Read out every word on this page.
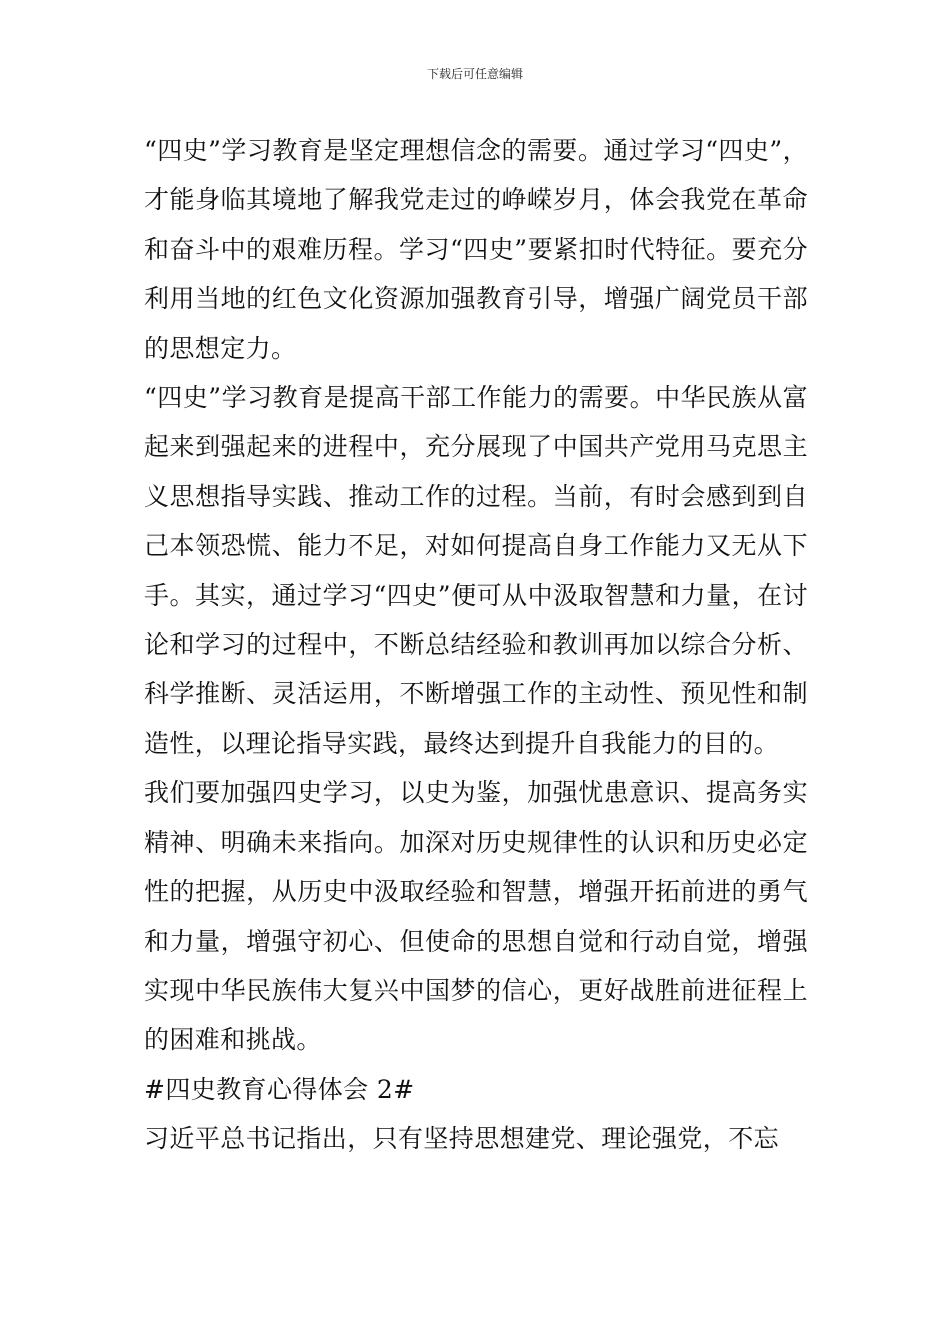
下载后可任意编辑

“四史”学习教育是坚定理想信念的需要。通过学习“四史”，才能身临其境地了解我党走过的峥嵘岁月，体会我党在革命和奋斗中的艰难历程。学习“四史”要紧扣时代特征。要充分利用当地的红色文化资源加强教育引导，增强广阔党员干部的思想定力。

“四史”学习教育是提高干部工作能力的需要。中华民族从富起来到强起来的进程中，充分展现了中国共产党用马克思主义思想指导实践、推动工作的过程。当前，有时会感到到自己本领恐慌、能力不足，对如何提高自身工作能力又无从下手。其实，通过学习“四史”便可从中汲取智慧和力量，在讨论和学习的过程中，不断总结经验和教训再加以综合分析、科学推断、灵活运用，不断增强工作的主动性、预见性和制造性，以理论指导实践，最终达到提升自我能力的目的。

我们要加强四史学习，以史为鉴，加强忧患意识、提高务实精神、明确未来指向。加深对历史规律性的认识和历史必定性的把握，从历史中汲取经验和智慧，增强开拓前进的勇气和力量，增强守初心、但使命的思想自觉和行动自觉，增强实现中华民族伟大复兴中国梦的信心，更好战胜前进征程上的困难和挑战。

#四史教育心得体会 2#

习近平总书记指出，只有坚持思想建党、理论强党，不忘
